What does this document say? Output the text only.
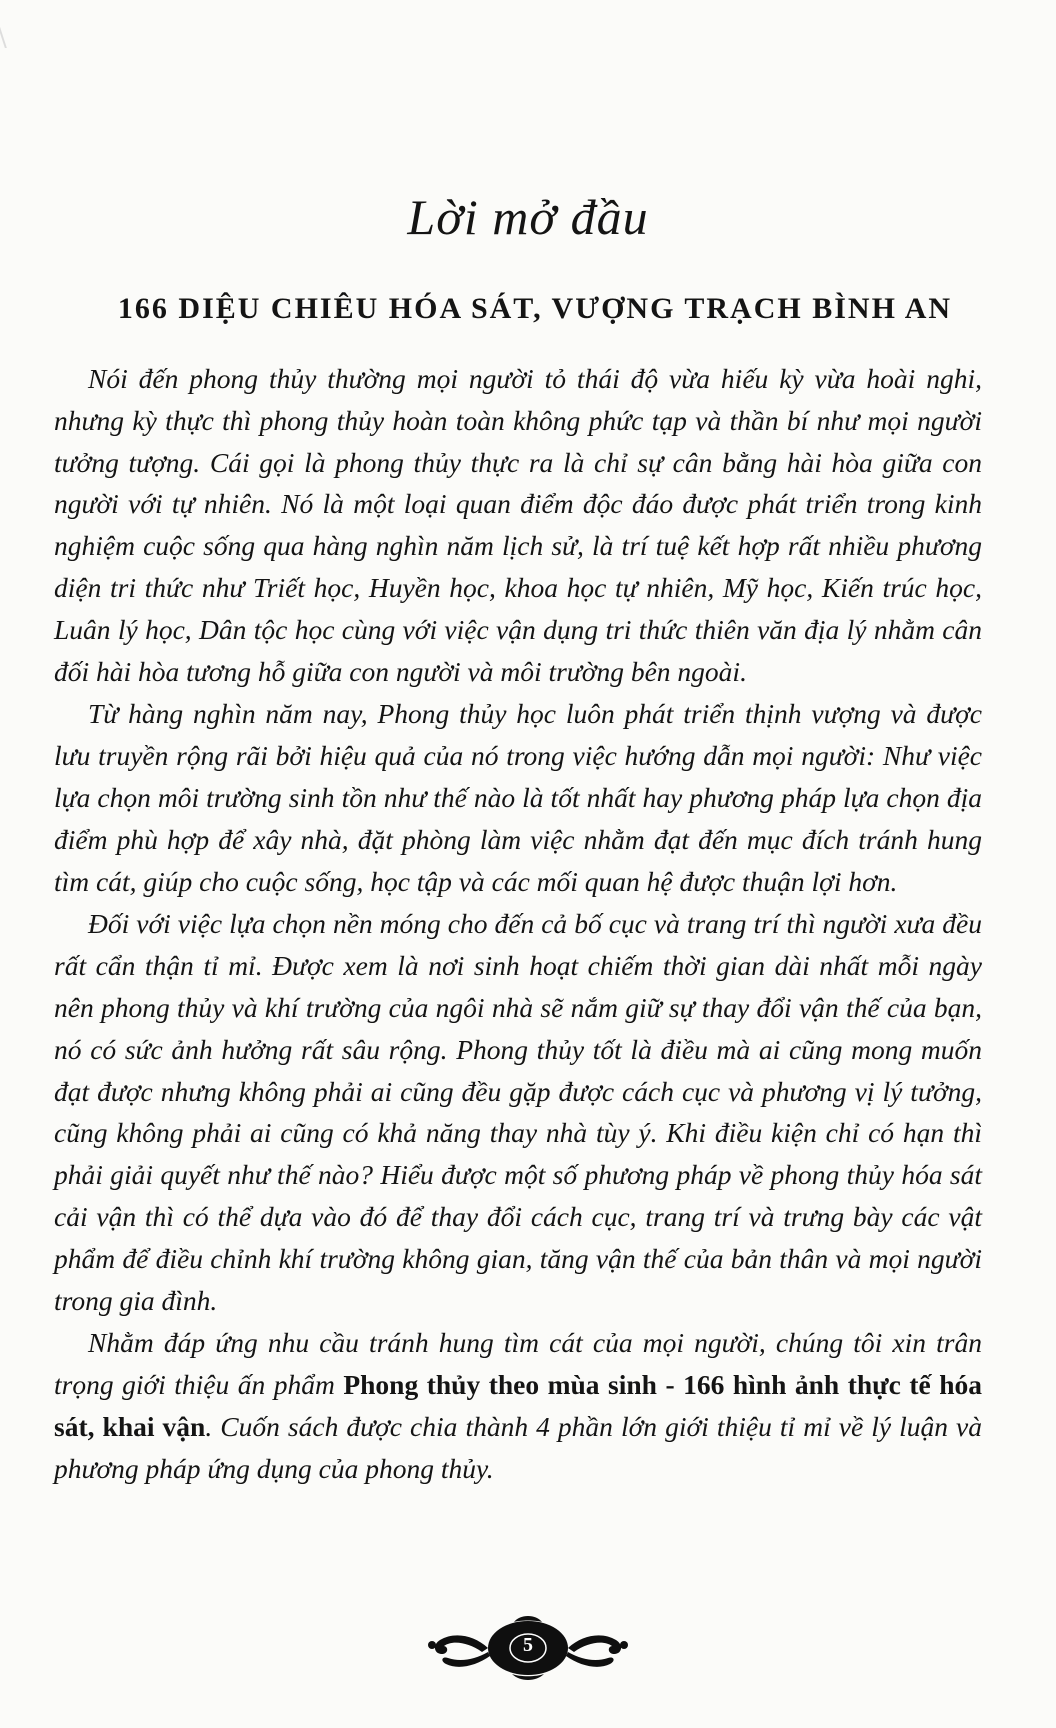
Lời mở đầu
166 DIỆU CHIÊU HÓA SÁT, VƯỢNG TRẠCH BÌNH AN

Nói đến phong thủy thường mọi người tỏ thái độ vừa hiếu kỳ vừa hoài nghi, nhưng kỳ thực thì phong thủy hoàn toàn không phức tạp và thần bí như mọi người tưởng tượng. Cái gọi là phong thủy thực ra là chỉ sự cân bằng hài hòa giữa con người với tự nhiên. Nó là một loại quan điểm độc đáo được phát triển trong kinh nghiệm cuộc sống qua hàng nghìn năm lịch sử, là trí tuệ kết hợp rất nhiều phương diện tri thức như Triết học, Huyền học, khoa học tự nhiên, Mỹ học, Kiến trúc học, Luân lý học, Dân tộc học cùng với việc vận dụng tri thức thiên văn địa lý nhằm cân đối hài hòa tương hỗ giữa con người và môi trường bên ngoài.

Từ hàng nghìn năm nay, Phong thủy học luôn phát triển thịnh vượng và được lưu truyền rộng rãi bởi hiệu quả của nó trong việc hướng dẫn mọi người: Như việc lựa chọn môi trường sinh tồn như thế nào là tốt nhất hay phương pháp lựa chọn địa điểm phù hợp để xây nhà, đặt phòng làm việc nhằm đạt đến mục đích tránh hung tìm cát, giúp cho cuộc sống, học tập và các mối quan hệ được thuận lợi hơn.

Đối với việc lựa chọn nền móng cho đến cả bố cục và trang trí thì người xưa đều rất cẩn thận tỉ mỉ. Được xem là nơi sinh hoạt chiếm thời gian dài nhất mỗi ngày nên phong thủy và khí trường của ngôi nhà sẽ nắm giữ sự thay đổi vận thế của bạn, nó có sức ảnh hưởng rất sâu rộng. Phong thủy tốt là điều mà ai cũng mong muốn đạt được nhưng không phải ai cũng đều gặp được cách cục và phương vị lý tưởng, cũng không phải ai cũng có khả năng thay nhà tùy ý. Khi điều kiện chỉ có hạn thì phải giải quyết như thế nào? Hiểu được một số phương pháp về phong thủy hóa sát cải vận thì có thể dựa vào đó để thay đổi cách cục, trang trí và trưng bày các vật phẩm để điều chỉnh khí trường không gian, tăng vận thế của bản thân và mọi người trong gia đình.

Nhằm đáp ứng nhu cầu tránh hung tìm cát của mọi người, chúng tôi xin trân trọng giới thiệu ấn phẩm Phong thủy theo mùa sinh - 166 hình ảnh thực tế hóa sát, khai vận. Cuốn sách được chia thành 4 phần lớn giới thiệu tỉ mỉ về lý luận và phương pháp ứng dụng của phong thủy.

5
